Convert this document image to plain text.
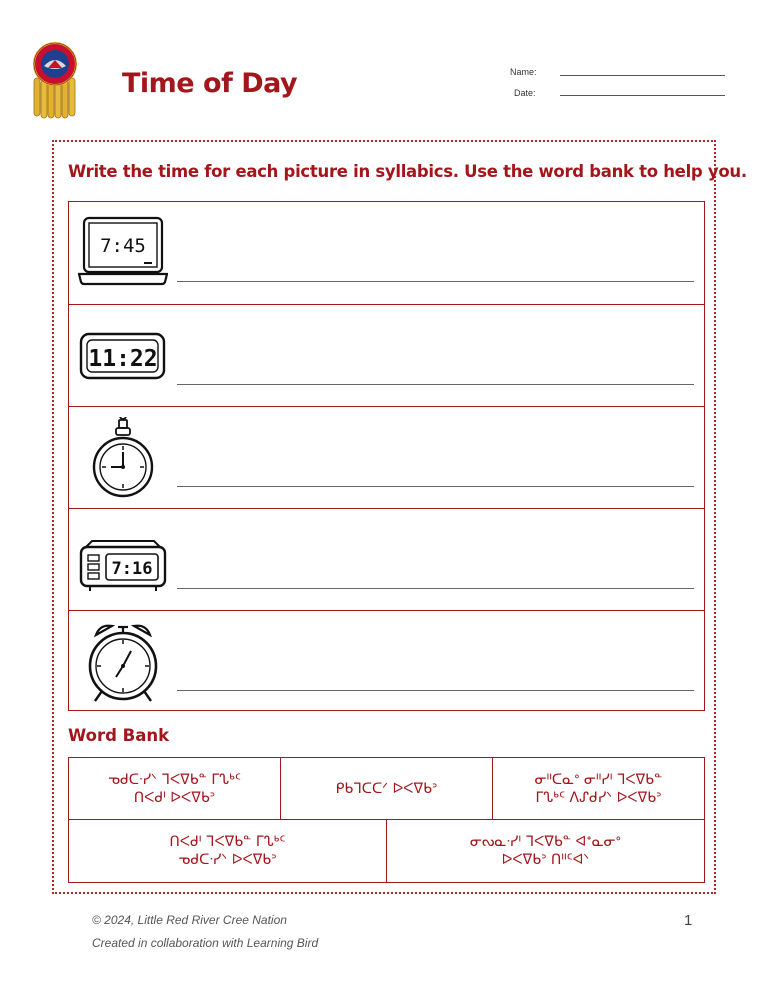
Time of Day	Name:
Date:
Write the time for each picture in syllabics. Use the word bank to help you.
7:45
11:22
7:16
Word Bank
ᓀᑯᑕᐧᓯᐠ ᒣᐸᐁᑲᓐ ᒥᔐᒃᑦ
ᑎᐸᑯᑊ ᐅᐸᐁᑲᐣ
ᑭᑲᒣᑕᑕᐟ ᐅᐸᐁᑲᐣ
ᓂᐦᑕᓇᐤ ᓂᐦᓯᑊ ᒣᐸᐁᑲᓐ
ᒥᔐᒃᑦ ᐱᔑᑯᓯᐠ ᐅᐸᐁᑲᐣ
ᑎᐸᑯᑊ ᒣᐸᐁᑲᓐ ᒥᔐᒃᑦ
ᓀᑯᑕᐧᓯᐠ ᐅᐸᐁᑲᐣ
ᓂᔓᓇᐧᓯᑊ ᒣᐸᐁᑲᓐ ᐊᐩᓇᓂᐤ
ᐅᐸᐁᑲᐣ ᑎᐦᑦᐊᐠ
© 2024, Little Red River Cree Nation
Created in collaboration with Learning Bird
1
